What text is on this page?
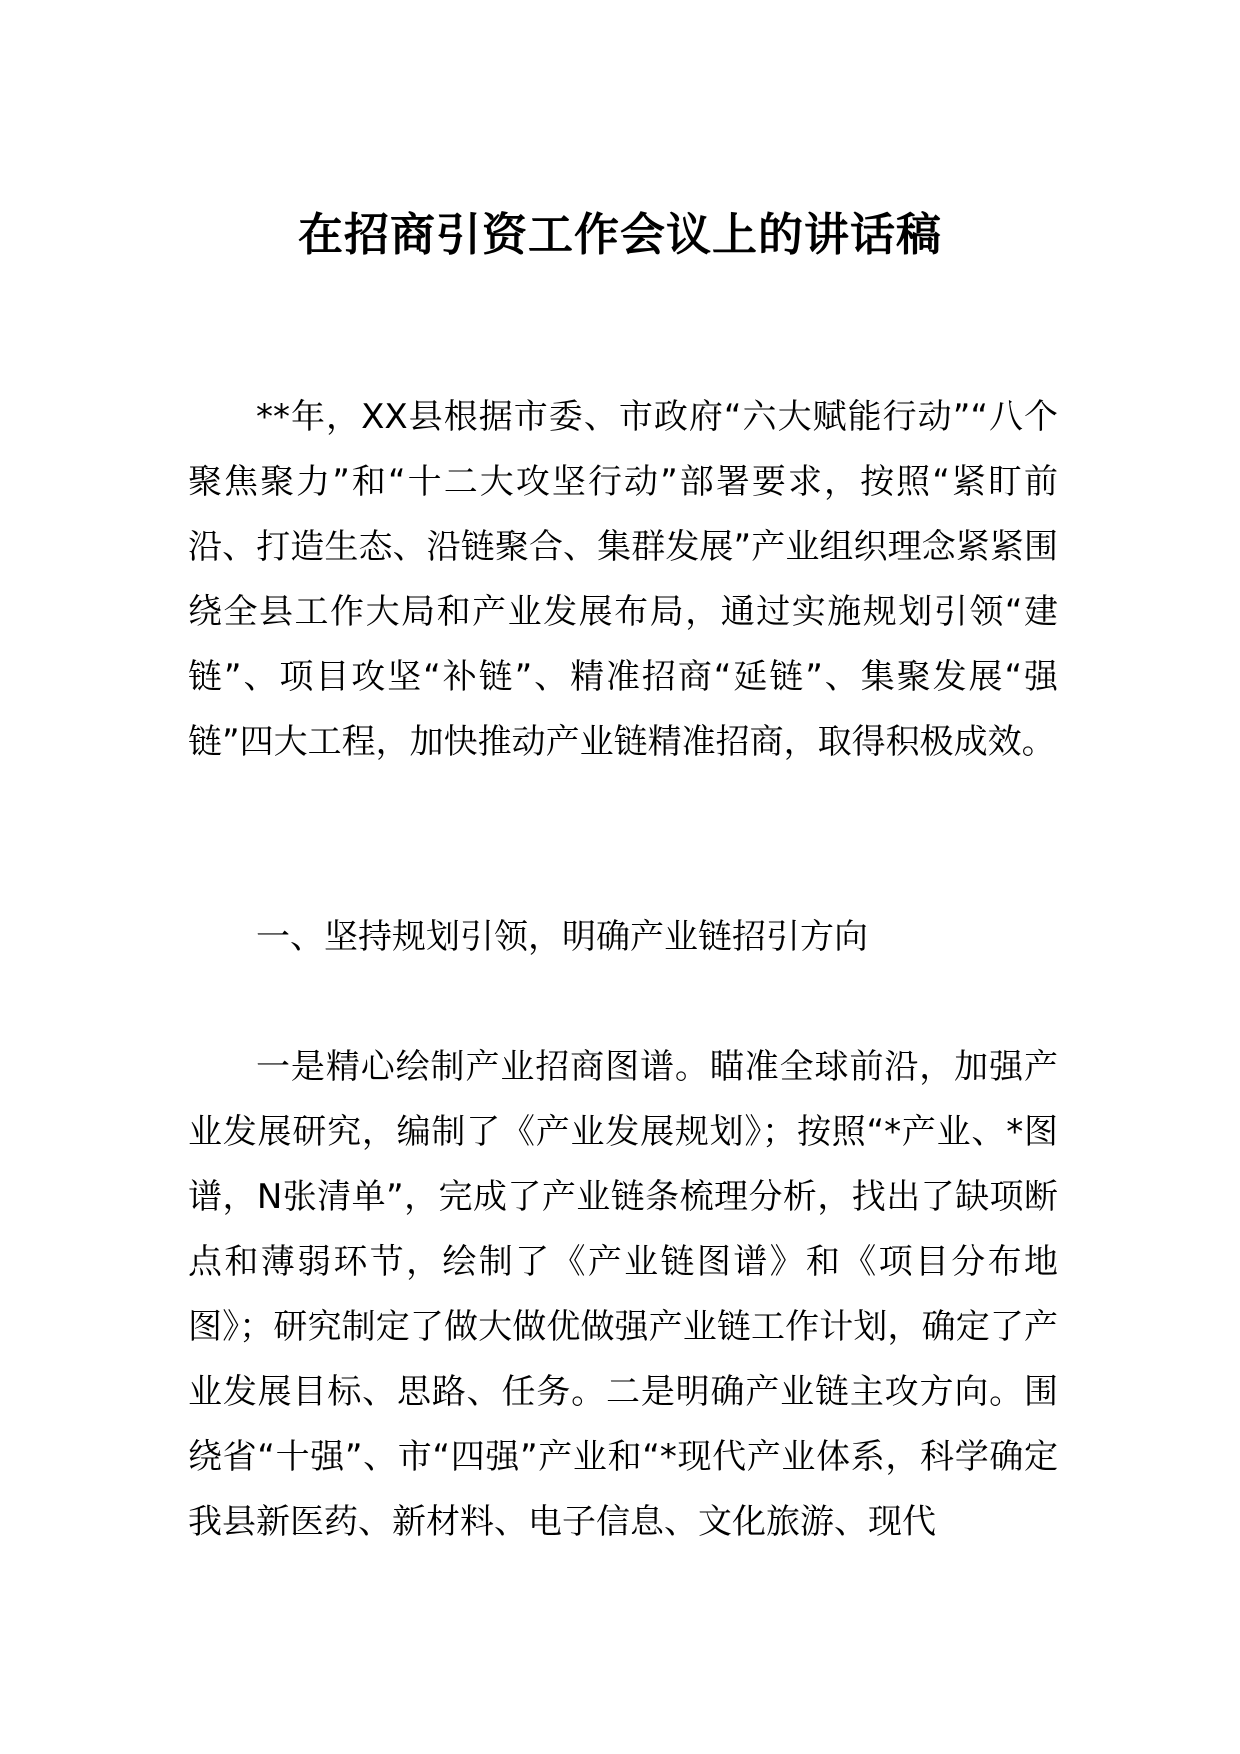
在招商引资工作会议上的讲话稿

**年，XX县根据市委、市政府“六大赋能行动”“八个聚焦聚力”和“十二大攻坚行动”部署要求，按照“紧盯前沿、打造生态、沿链聚合、集群发展”产业组织理念紧紧围绕全县工作大局和产业发展布局，通过实施规划引领“建链”、项目攻坚“补链”、精准招商“延链”、集聚发展“强链”四大工程，加快推动产业链精准招商，取得积极成效。

一、坚持规划引领，明确产业链招引方向

一是精心绘制产业招商图谱。瞄准全球前沿，加强产业发展研究，编制了《产业发展规划》；按照“*产业、*图谱，N张清单”，完成了产业链条梳理分析，找出了缺项断点和薄弱环节，绘制了《产业链图谱》和《项目分布地图》；研究制定了做大做优做强产业链工作计划，确定了产业发展目标、思路、任务。二是明确产业链主攻方向。围绕省“十强”、市“四强”产业和“*现代产业体系，科学确定我县新医药、新材料、电子信息、文化旅游、现代
